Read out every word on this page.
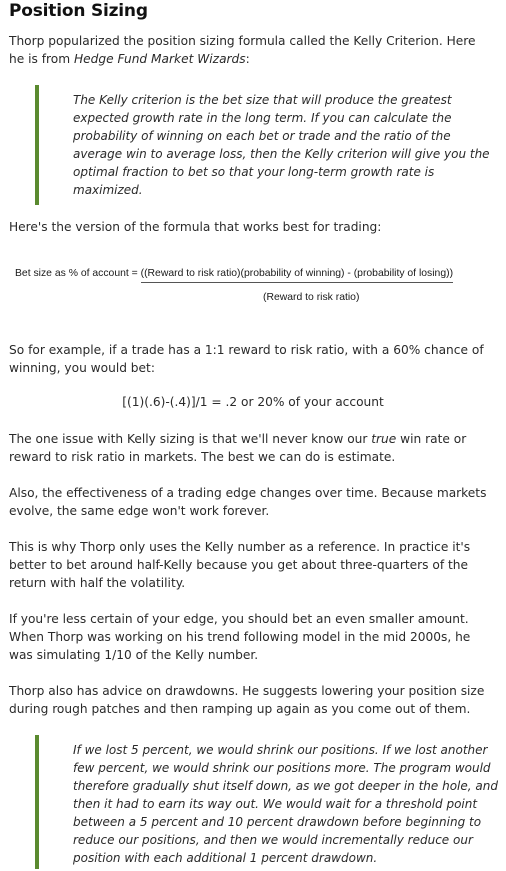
Position Sizing
Thorp popularized the position sizing formula called the Kelly Criterion. Here he is from Hedge Fund Market Wizards:
The Kelly criterion is the bet size that will produce the greatest expected growth rate in the long term. If you can calculate the probability of winning on each bet or trade and the ratio of the average win to average loss, then the Kelly criterion will give you the optimal fraction to bet so that your long-term growth rate is maximized.
Here's the version of the formula that works best for trading:
Bet size as % of account = ((Reward to risk ratio)(probability of winning) - (probability of losing))
(Reward to risk ratio)
So for example, if a trade has a 1:1 reward to risk ratio, with a 60% chance of winning, you would bet:
[(1)(.6)-(.4)]/1 = .2 or 20% of your account
The one issue with Kelly sizing is that we'll never know our true win rate or reward to risk ratio in markets. The best we can do is estimate.
Also, the effectiveness of a trading edge changes over time. Because markets evolve, the same edge won't work forever.
This is why Thorp only uses the Kelly number as a reference. In practice it's better to bet around half-Kelly because you get about three-quarters of the return with half the volatility.
If you're less certain of your edge, you should bet an even smaller amount. When Thorp was working on his trend following model in the mid 2000s, he was simulating 1/10 of the Kelly number.
Thorp also has advice on drawdowns. He suggests lowering your position size during rough patches and then ramping up again as you come out of them.
If we lost 5 percent, we would shrink our positions. If we lost another few percent, we would shrink our positions more. The program would therefore gradually shut itself down, as we got deeper in the hole, and then it had to earn its way out. We would wait for a threshold point between a 5 percent and 10 percent drawdown before beginning to reduce our positions, and then we would incrementally reduce our position with each additional 1 percent drawdown.
